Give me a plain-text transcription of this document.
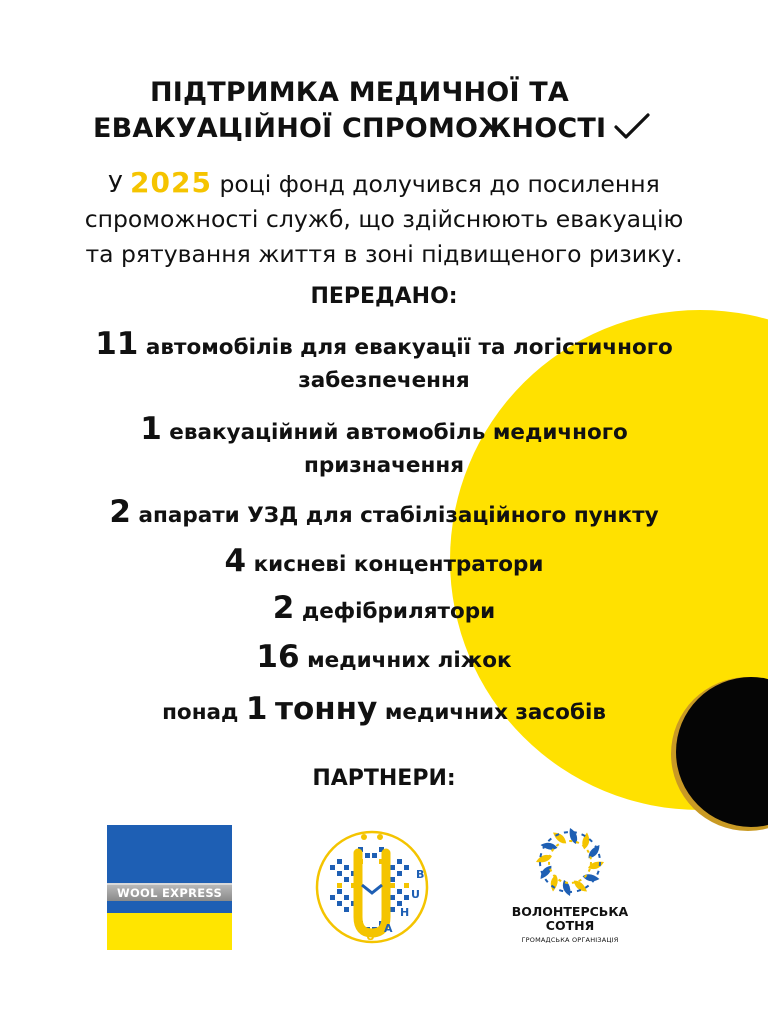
ПІДТРИМКА МЕДИЧНОЇ ТА
ЕВАКУАЦІЙНОЇ СПРОМОЖНОСТІ
У 2025 році фонд долучився до посилення
спроможності служб, що здійснюють евакуацію
та рятування життя в зоні підвищеного ризику.
ПЕРЕДАНО:
11 автомобілів для евакуації та логістичного
забезпечення
1 евакуаційний автомобіль медичного
призначення
2 апарати УЗД для стабілізаційного пункту
4 кисневі концентратори
2 дефібрилятори
16 медичних ліжок
понад 1 тонну медичних засобів
ПАРТНЕРИ:
WOOL EXPRESS
U
A
H
U
B
ВОЛОНТЕРСЬКА
СОТНЯ
ГРОМАДСЬКА ОРГАНІЗАЦІЯ
